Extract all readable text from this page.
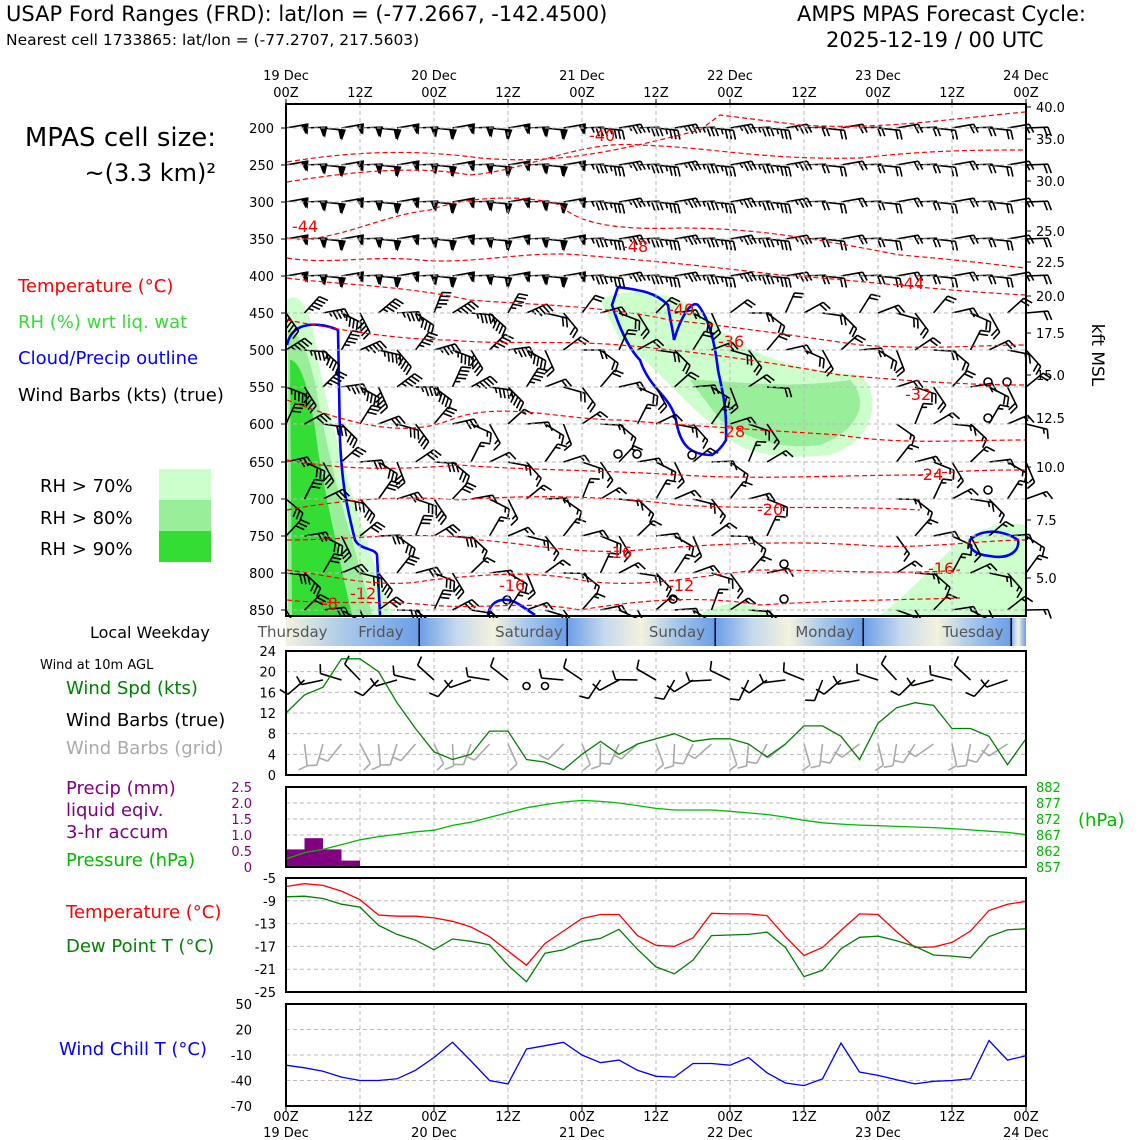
USAP Ford Ranges (FRD): lat/lon = (-77.2667, -142.4500)
Nearest cell 1733865: lat/lon = (-77.2707, 217.5603)
AMPS MPAS Forecast Cycle:
2025-12-19 / 00 UTC
MPAS cell size:
~(3.3 km)²
Temperature (°C)
RH (%) wrt liq. wat
Cloud/Precip outline
Wind Barbs (kts) (true)
RH > 70%
RH > 80%
RH > 90%
-40
-44
-48
-44
-40
-36
-32
-28
-24
-20
-16
-16
-16	-12
-8
-12
200
250
300
350
400
450
500
550
600
650
700
750
800
850
40.0
35.0
30.0
25.0
22.5
20.0
17.5
15.0
12.5
10.0
7.5
5.0
kft MSL
00Z	12Z	00Z	12Z	00Z	12Z	00Z	12Z	00Z	12Z	00Z
19 Dec	20 Dec	21 Dec	22 Dec	23 Dec	24 Dec
Local Weekday	Thursday Friday	Saturday	Sunday	Monday	Tuesday
Wind at 10m AGL
Wind Spd (kts)
Wind Barbs (true)
Wind Barbs (grid)
0
4
8
12
16
20
24
Precip (mm)
liquid eqiv.
3-hr accum
Pressure (hPa)
(hPa)
0
0.5
1.0
1.5
2.0
2.5
857
862
867
872
877
882
Temperature (°C)
Dew Point T (°C)
-5
-9
-13
-17
-21
-25
Wind Chill T (°C)
50
20
-10
-40
-70
00Z	12Z	00Z	12Z	00Z	12Z	00Z	12Z	00Z	12Z	00Z
19 Dec	20 Dec	21 Dec	22 Dec	23 Dec	24 Dec
